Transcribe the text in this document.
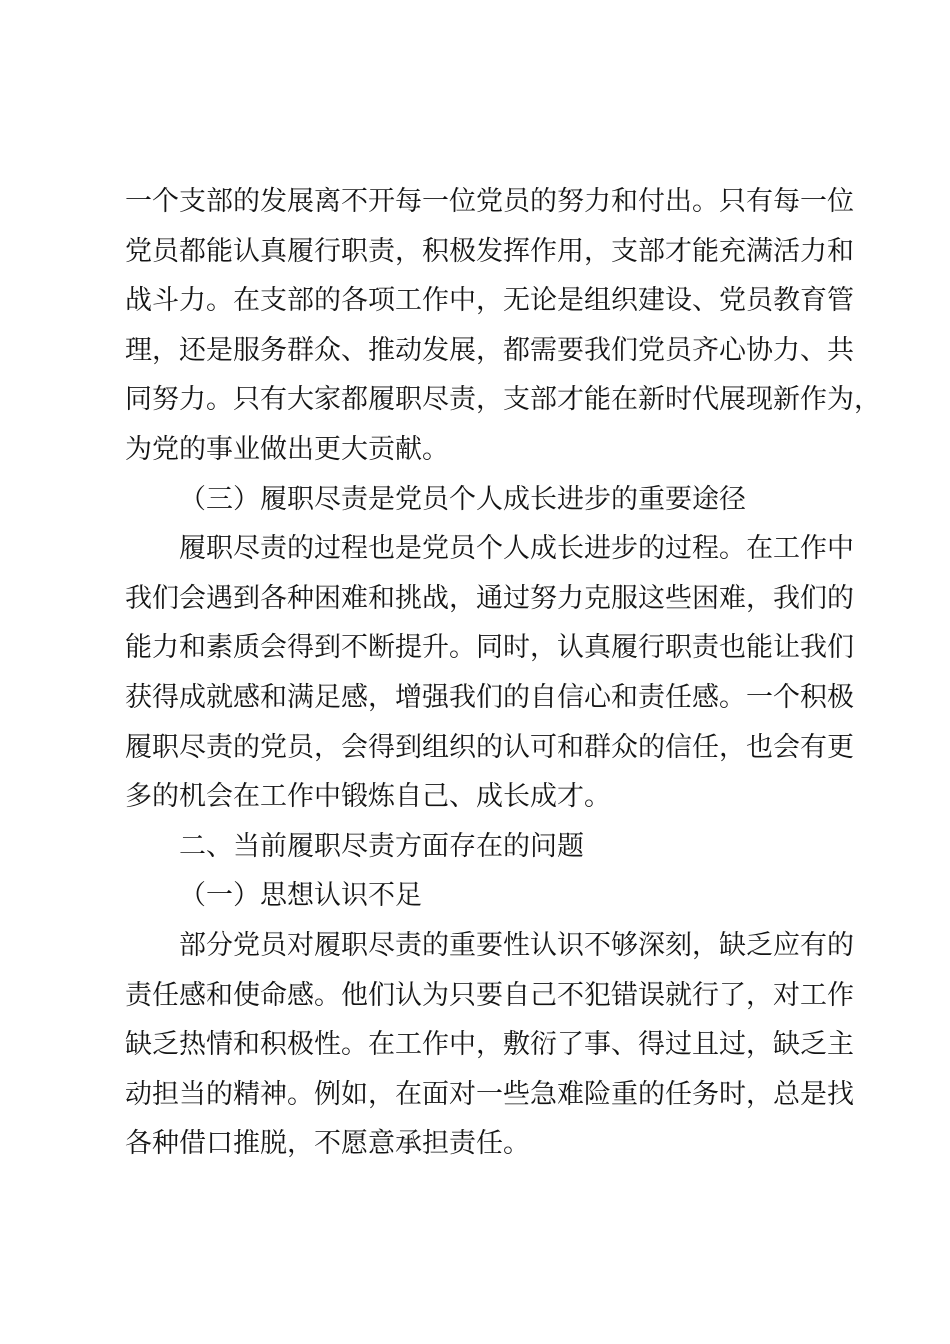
一个支部的发展离不开每一位党员的努力和付出。只有每一位
党员都能认真履行职责，积极发挥作用，支部才能充满活力和
战斗力。在支部的各项工作中，无论是组织建设、党员教育管
理，还是服务群众、推动发展，都需要我们党员齐心协力、共
同努力。只有大家都履职尽责，支部才能在新时代展现新作为，
为党的事业做出更大贡献。
（三）履职尽责是党员个人成长进步的重要途径
履职尽责的过程也是党员个人成长进步的过程。在工作中
我们会遇到各种困难和挑战，通过努力克服这些困难，我们的
能力和素质会得到不断提升。同时，认真履行职责也能让我们
获得成就感和满足感，增强我们的自信心和责任感。一个积极
履职尽责的党员，会得到组织的认可和群众的信任，也会有更
多的机会在工作中锻炼自己、成长成才。
二、当前履职尽责方面存在的问题
（一）思想认识不足
部分党员对履职尽责的重要性认识不够深刻，缺乏应有的
责任感和使命感。他们认为只要自己不犯错误就行了，对工作
缺乏热情和积极性。在工作中，敷衍了事、得过且过，缺乏主
动担当的精神。例如，在面对一些急难险重的任务时，总是找
各种借口推脱，不愿意承担责任。
